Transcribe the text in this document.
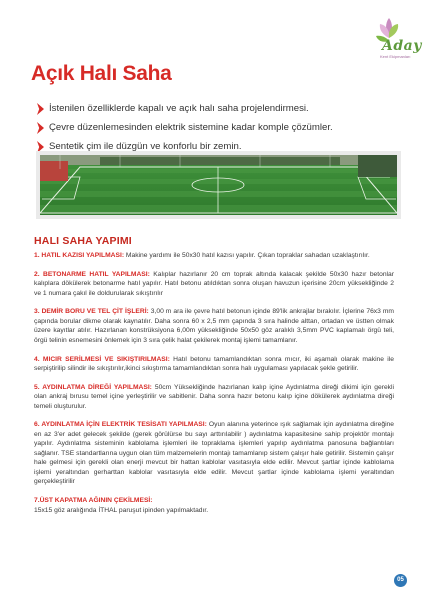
Aday
Kent Ekipmanları
Açık Halı Saha
İstenilen özelliklerde kapalı ve açık halı saha projelendirmesi.
Çevre düzenlemesinden elektrik sistemine kadar komple çözümler.
Sentetik çim ile düzgün ve konforlu bir zemin.
HALI SAHA YAPIMI

1. HATIL KAZISI YAPILMASI: Makine yardımı ile 50x30 hatıl kazısı yapılır. Çıkan topraklar sahadan uzaklaştırılır.

2. BETONARME HATIL YAPILMASI: Kalıplar hazırlanır 20 cm toprak altında kalacak şekilde 50x30 hazır betonlar kalıplara dökülerek betonarme hatıl yapılır. Hatıl betonu atıldıktan sonra oluşan havuzun içerisine 20cm yüksekliğinde 2 ve 1 numara çakıl ile doldurularak sıkıştırılır

3. DEMİR BORU VE TEL ÇİT İŞLERİ: 3,00 m ara ile çevre hatıl betonun içinde 89'lik ankrajlar bırakılır. İçlerine 76x3 mm çapında borular dikme olarak kaynatılır. Daha sonra 60 x 2,5 mm çapında 3 sıra halinde alttan, ortadan ve üstten olmak üzere kayıtlar atılır. Hazırlanan konstrüksiyona 6,00m yüksekliğinde 50x50 göz aralıklı 3,5mm PVC kaplamalı örgü teli, örgü telinin esnemesini önlemek için 3 sıra çelik halat çekilerek montaj işlemi tamamlanır.

4. MICIR SERİLMESİ VE SIKIŞTIRILMASI: Hatıl betonu tamamlandıktan sonra mıcır, iki aşamalı olarak makine ile serpiştirilip silindir ile sıkıştırılır,ikinci sıkıştırma tamamlandıktan sonra halı uygulaması yapılacak şekle getirilir.

5. AYDINLATMA DİREĞİ YAPILMASI: 50cm Yüksekliğinde hazırlanan kalıp içine Aydınlatma direği dikimi için gerekli olan ankraj bırusu temel içine yerleştirilir ve sabitlenir. Daha sonra hazır betonu kalıp içine dökülerek aydınlatma direği temeli oluşturulur.

6. AYDINLATMA İÇİN ELEKTRİK TESİSATI YAPILMASI: Oyun alanına yeterince ışık sağlamak için aydınlatma direğine en az 3'er adet gelecek şekilde (gerek görülürse bu sayı arttırılabilir ) aydınlatma kapasitesine sahip projektör montajı yapılır. Aydınlatma sisteminin kablolama işlemleri ile topraklama işlemleri yapılıp aydınlatma panosuna bağlantıları sağlanır. TSE standartlarına uygun olan tüm malzemelerin montajı tamamlanıp sistem çalışır hale getirilir. Sistemin çalışır hale gelmesi için gerekli olan enerji mevcut bir hattan kablolar vasıtasıyla elde edilir. Mevcut şartlar içinde kablolama işlemi yeraltından gerharttan kablolar vasıtasıyla elde edilir. Mevcut şartlar içinde kablolama işlemi yeraltından gerçekleştirilir

7.ÜST KAPATMA AĞININ ÇEKİLMESİ:
15x15 göz aralığında İTHAL paruşut ipinden yapılmaktadır.

05
